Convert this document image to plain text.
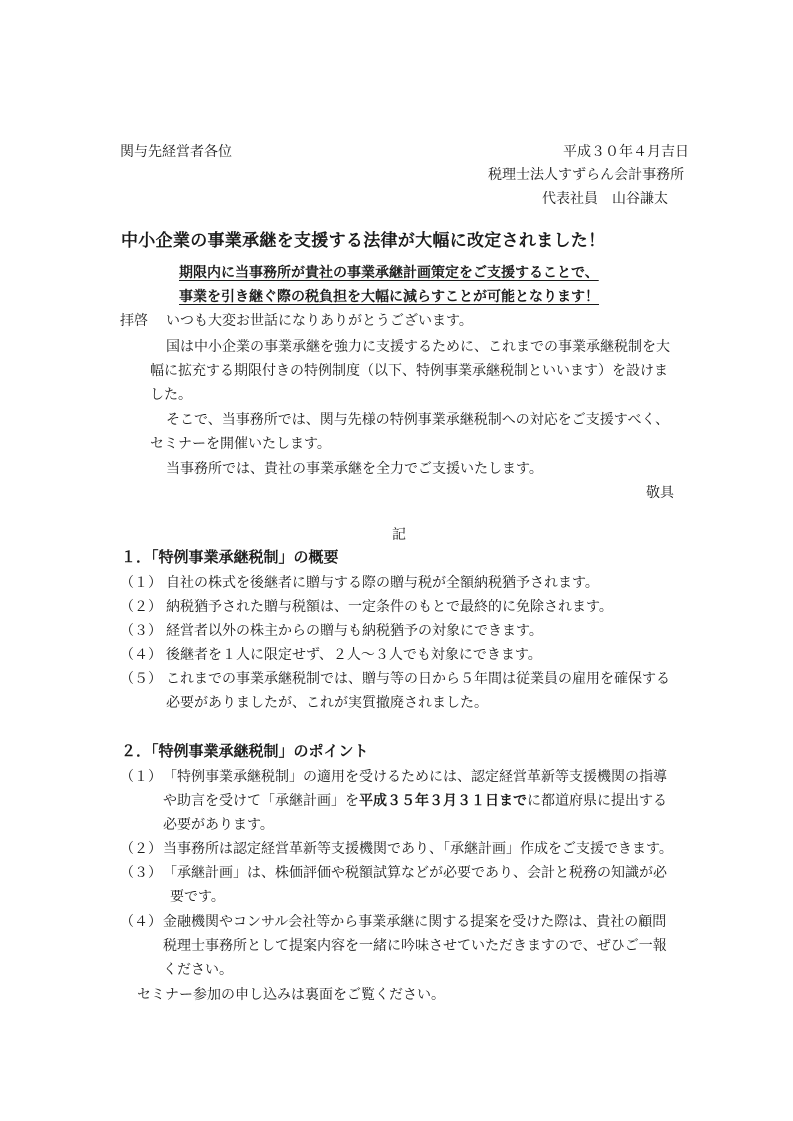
関与先経営者各位	平成３０年４月吉日
税理士法人すずらん会計事務所
代表社員　山谷謙太
中小企業の事業承継を支援する法律が大幅に改定されました！
期限内に当事務所が貴社の事業承継計画策定をご支援することで、
事業を引き継ぐ際の税負担を大幅に減らすことが可能となります！
拝啓 いつも大変お世話になりありがとうございます。
国は中小企業の事業承継を強力に支援するために、これまでの事業承継税制を大
幅に拡充する期限付きの特例制度（以下、特例事業承継税制といいます）を設けま
した。
そこで、当事務所では、関与先様の特例事業承継税制への対応をご支援すべく、
セミナーを開催いたします。
当事務所では、貴社の事業承継を全力でご支援いたします。
敬具
記
１．「特例事業承継税制」の概要
（１） 自社の株式を後継者に贈与する際の贈与税が全額納税猶予されます。
（２） 納税猶予された贈与税額は、一定条件のもとで最終的に免除されます。
（３） 経営者以外の株主からの贈与も納税猶予の対象にできます。
（４） 後継者を１人に限定せず、２人～３人でも対象にできます。
（５） これまでの事業承継税制では、贈与等の日から５年間は従業員の雇用を確保する
必要がありましたが、これが実質撤廃されました。
２．「特例事業承継税制」のポイント
（１） 「特例事業承継税制」の適用を受けるためには、認定経営革新等支援機関の指導
や助言を受けて「承継計画」を平成３５年３月３１日までに都道府県に提出する
必要があります。
（２） 当事務所は認定経営革新等支援機関であり、「承継計画」作成をご支援できます。
（３） 「承継計画」は、株価評価や税額試算などが必要であり、会計と税務の知識が必
要です。
（４） 金融機関やコンサル会社等から事業承継に関する提案を受けた際は、貴社の顧問
税理士事務所として提案内容を一緒に吟味させていただきますので、ぜひご一報
ください。
セミナー参加の申し込みは裏面をご覧ください。
